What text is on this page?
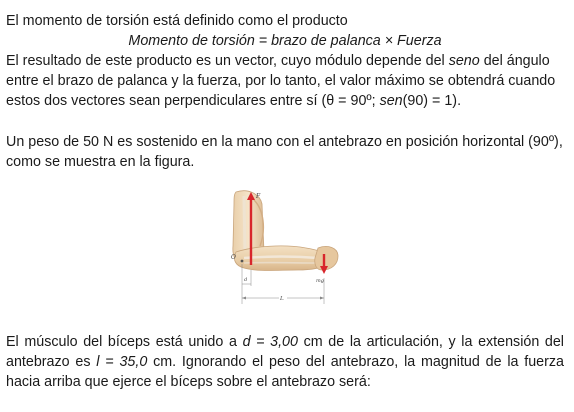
El momento de torsión está definido como el producto
Momento de torsión = brazo de palanca × Fuerza
El resultado de este producto es un vector, cuyo módulo depende del seno del ángulo
entre el brazo de palanca y la fuerza, por lo tanto, el valor máximo se obtendrá cuando
estos dos vectores sean perpendiculares entre sí (θ = 90º; sen(90) = 1).
Un peso de 50 N es sostenido en la mano con el antebrazo en posición horizontal (90º),
como se muestra en la figura.
F
mg
O
d
L
El músculo del bíceps está unido a d = 3,00 cm de la articulación, y la extensión del
antebrazo es l = 35,0 cm. Ignorando el peso del antebrazo, la magnitud de la fuerza
hacia arriba que ejerce el bíceps sobre el antebrazo será:
